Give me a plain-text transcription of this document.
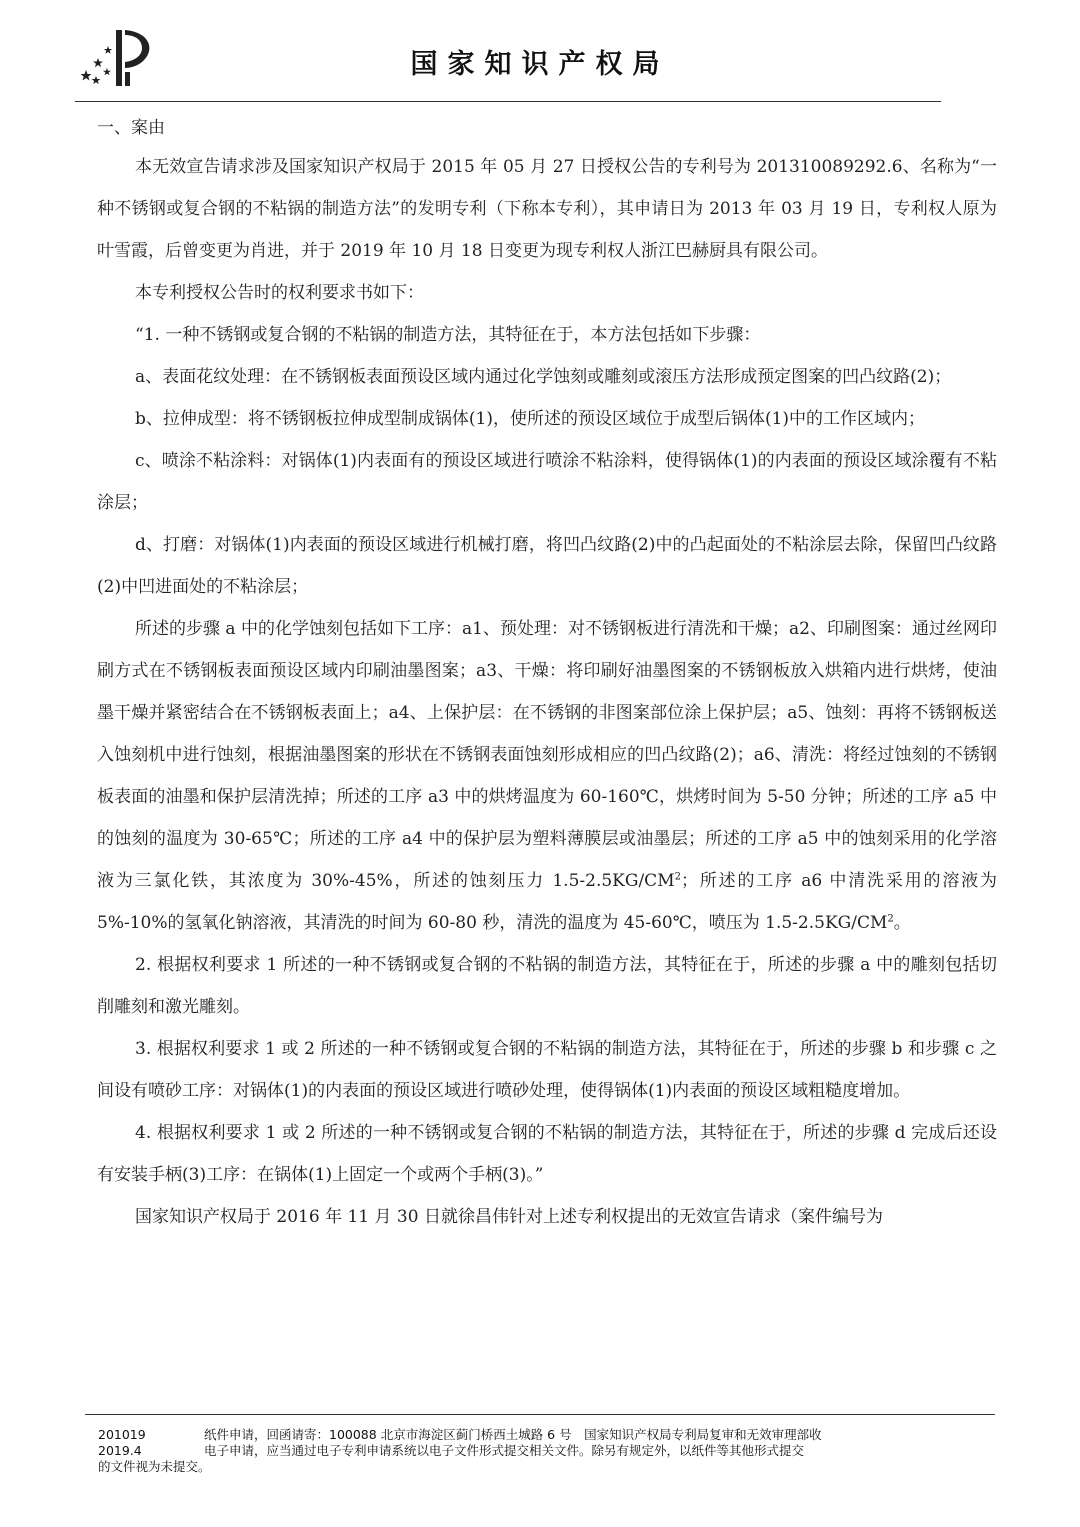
国家知识产权局

一、案由

本无效宣告请求涉及国家知识产权局于 2015 年 05 月 27 日授权公告的专利号为 201310089292.6、名称为“一种不锈钢或复合钢的不粘锅的制造方法”的发明专利（下称本专利），其申请日为 2013 年 03 月 19 日，专利权人原为叶雪霞，后曾变更为肖进，并于 2019 年 10 月 18 日变更为现专利权人浙江巴赫厨具有限公司。

本专利授权公告时的权利要求书如下：

“1. 一种不锈钢或复合钢的不粘锅的制造方法，其特征在于，本方法包括如下步骤：

a、表面花纹处理：在不锈钢板表面预设区域内通过化学蚀刻或雕刻或滚压方法形成预定图案的凹凸纹路(2)；

b、拉伸成型：将不锈钢板拉伸成型制成锅体(1)，使所述的预设区域位于成型后锅体(1)中的工作区域内；

c、喷涂不粘涂料：对锅体(1)内表面有的预设区域进行喷涂不粘涂料，使得锅体(1)的内表面的预设区域涂覆有不粘涂层；

d、打磨：对锅体(1)内表面的预设区域进行机械打磨，将凹凸纹路(2)中的凸起面处的不粘涂层去除，保留凹凸纹路(2)中凹进面处的不粘涂层；

所述的步骤 a 中的化学蚀刻包括如下工序：a1、预处理：对不锈钢板进行清洗和干燥；a2、印刷图案：通过丝网印刷方式在不锈钢板表面预设区域内印刷油墨图案；a3、干燥：将印刷好油墨图案的不锈钢板放入烘箱内进行烘烤，使油墨干燥并紧密结合在不锈钢板表面上；a4、上保护层：在不锈钢的非图案部位涂上保护层；a5、蚀刻：再将不锈钢板送入蚀刻机中进行蚀刻，根据油墨图案的形状在不锈钢表面蚀刻形成相应的凹凸纹路(2)；a6、清洗：将经过蚀刻的不锈钢板表面的油墨和保护层清洗掉；所述的工序 a3 中的烘烤温度为 60-160℃，烘烤时间为 5-50 分钟；所述的工序 a5 中的蚀刻的温度为 30-65℃；所述的工序 a4 中的保护层为塑料薄膜层或油墨层；所述的工序 a5 中的蚀刻采用的化学溶液为三氯化铁，其浓度为 30%-45%，所述的蚀刻压力 $1.5-2.5KG/CM^2$；所述的工序 a6 中清洗采用的溶液为 5%-10%的氢氧化钠溶液，其清洗的时间为 60-80 秒，清洗的温度为 45-60℃，喷压为 $1.5-2.5KG/CM^2$。

2. 根据权利要求 1 所述的一种不锈钢或复合钢的不粘锅的制造方法，其特征在于，所述的步骤 a 中的雕刻包括切削雕刻和激光雕刻。

3. 根据权利要求 1 或 2 所述的一种不锈钢或复合钢的不粘锅的制造方法，其特征在于，所述的步骤 b 和步骤 c 之间设有喷砂工序：对锅体(1)的内表面的预设区域进行喷砂处理，使得锅体(1)内表面的预设区域粗糙度增加。

4. 根据权利要求 1 或 2 所述的一种不锈钢或复合钢的不粘锅的制造方法，其特征在于，所述的步骤 d 完成后还设有安装手柄(3)工序：在锅体(1)上固定一个或两个手柄(3)。”

国家知识产权局于 2016 年 11 月 30 日就徐昌伟针对上述专利权提出的无效宣告请求（案件编号为

201019	纸件申请，回函请寄：100088 北京市海淀区蓟门桥西土城路 6 号　国家知识产权局专利局复审和无效审理部收
2019.4	电子申请，应当通过电子专利申请系统以电子文件形式提交相关文件。除另有规定外，以纸件等其他形式提交
的文件视为未提交。
